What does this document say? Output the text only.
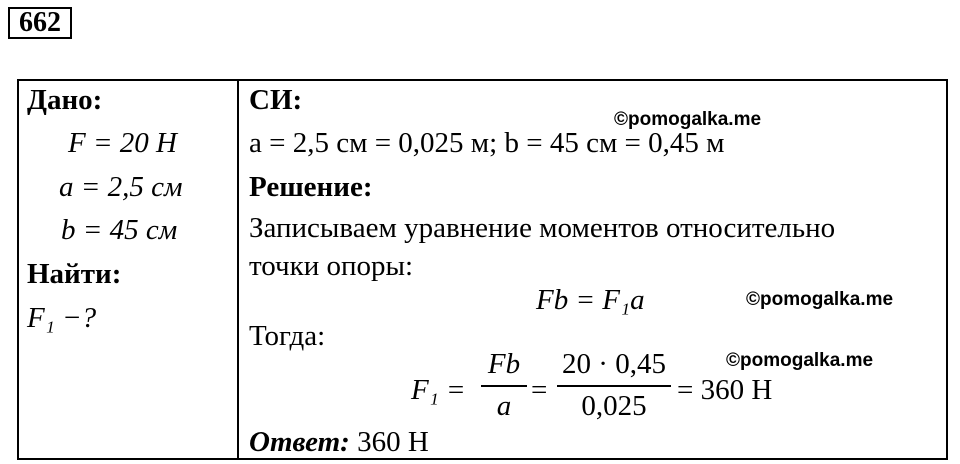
662
Дано:
F = 20 Н
a = 2,5 см
b = 45 см
Найти:
F₁ −?
СИ:
a = 2,5 см = 0,025 м; b = 45 см = 0,45 м
Решение:
Записываем уравнение моментов относительно
точки опоры:
Fb = F₁a
Тогда:
F₁ =
Fb
a =
20 · 0,45
0,025	= 360 Н
Ответ: 360 Н
©pomogalka.me
©pomogalka.me
©pomogalka.me
